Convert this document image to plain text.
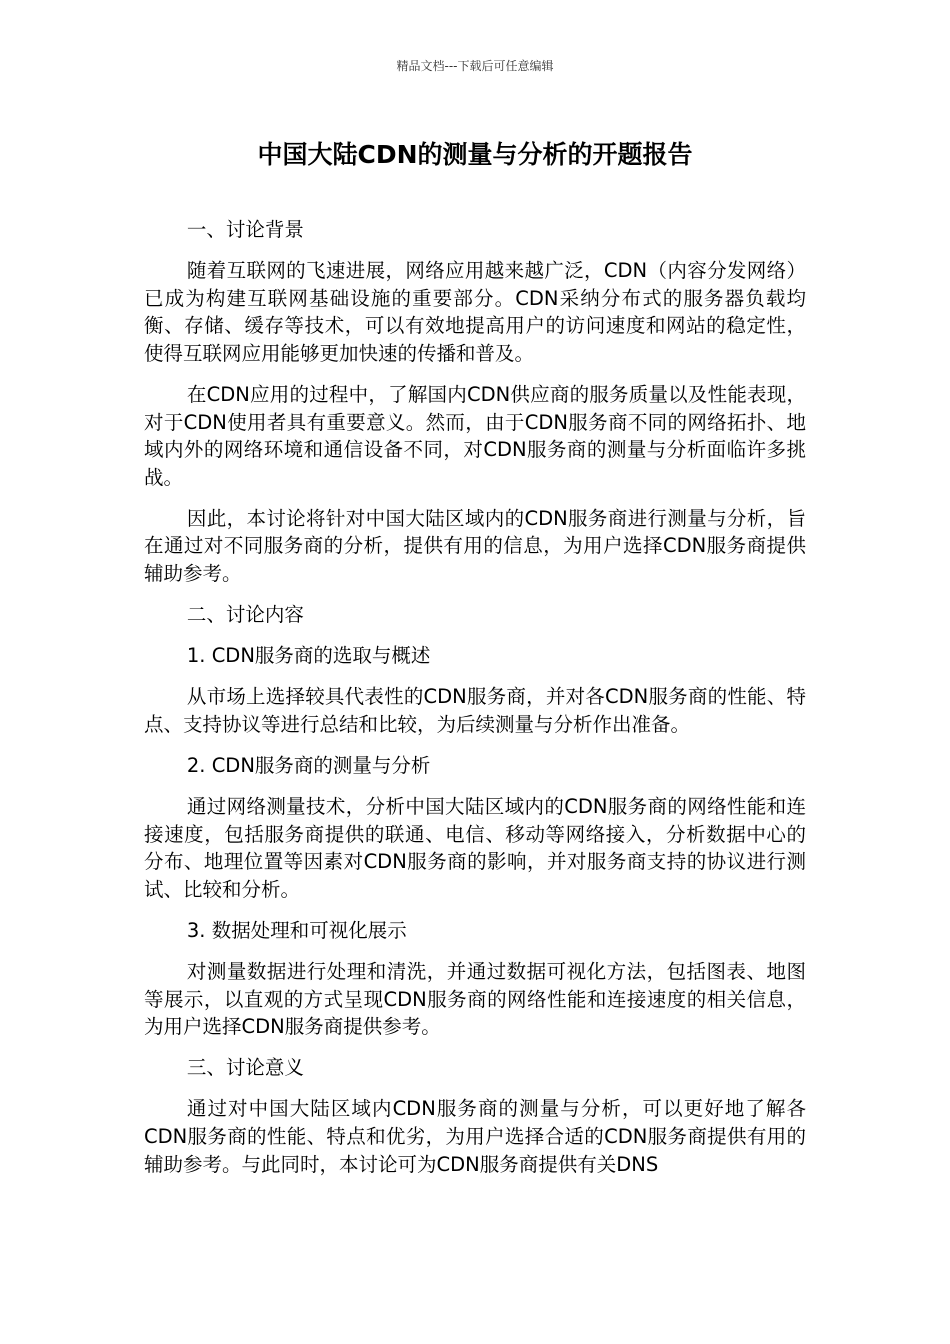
精品文档---下载后可任意编辑
中国大陆CDN的测量与分析的开题报告

一、讨论背景

随着互联网的飞速进展，网络应用越来越广泛，CDN（内容分发网络）已成为构建互联网基础设施的重要部分。CDN采纳分布式的服务器负载均衡、存储、缓存等技术，可以有效地提高用户的访问速度和网站的稳定性，使得互联网应用能够更加快速的传播和普及。

在CDN应用的过程中，了解国内CDN供应商的服务质量以及性能表现，对于CDN使用者具有重要意义。然而，由于CDN服务商不同的网络拓扑、地域内外的网络环境和通信设备不同，对CDN服务商的测量与分析面临许多挑战。

因此，本讨论将针对中国大陆区域内的CDN服务商进行测量与分析，旨在通过对不同服务商的分析，提供有用的信息，为用户选择CDN服务商提供辅助参考。

二、讨论内容

1. CDN服务商的选取与概述

从市场上选择较具代表性的CDN服务商，并对各CDN服务商的性能、特点、支持协议等进行总结和比较，为后续测量与分析作出准备。

2. CDN服务商的测量与分析

通过网络测量技术，分析中国大陆区域内的CDN服务商的网络性能和连接速度，包括服务商提供的联通、电信、移动等网络接入，分析数据中心的分布、地理位置等因素对CDN服务商的影响，并对服务商支持的协议进行测试、比较和分析。

3. 数据处理和可视化展示

对测量数据进行处理和清洗，并通过数据可视化方法，包括图表、地图等展示，以直观的方式呈现CDN服务商的网络性能和连接速度的相关信息，为用户选择CDN服务商提供参考。

三、讨论意义

通过对中国大陆区域内CDN服务商的测量与分析，可以更好地了解各CDN服务商的性能、特点和优劣，为用户选择合适的CDN服务商提供有用的辅助参考。与此同时，本讨论可为CDN服务商提供有关DNS
